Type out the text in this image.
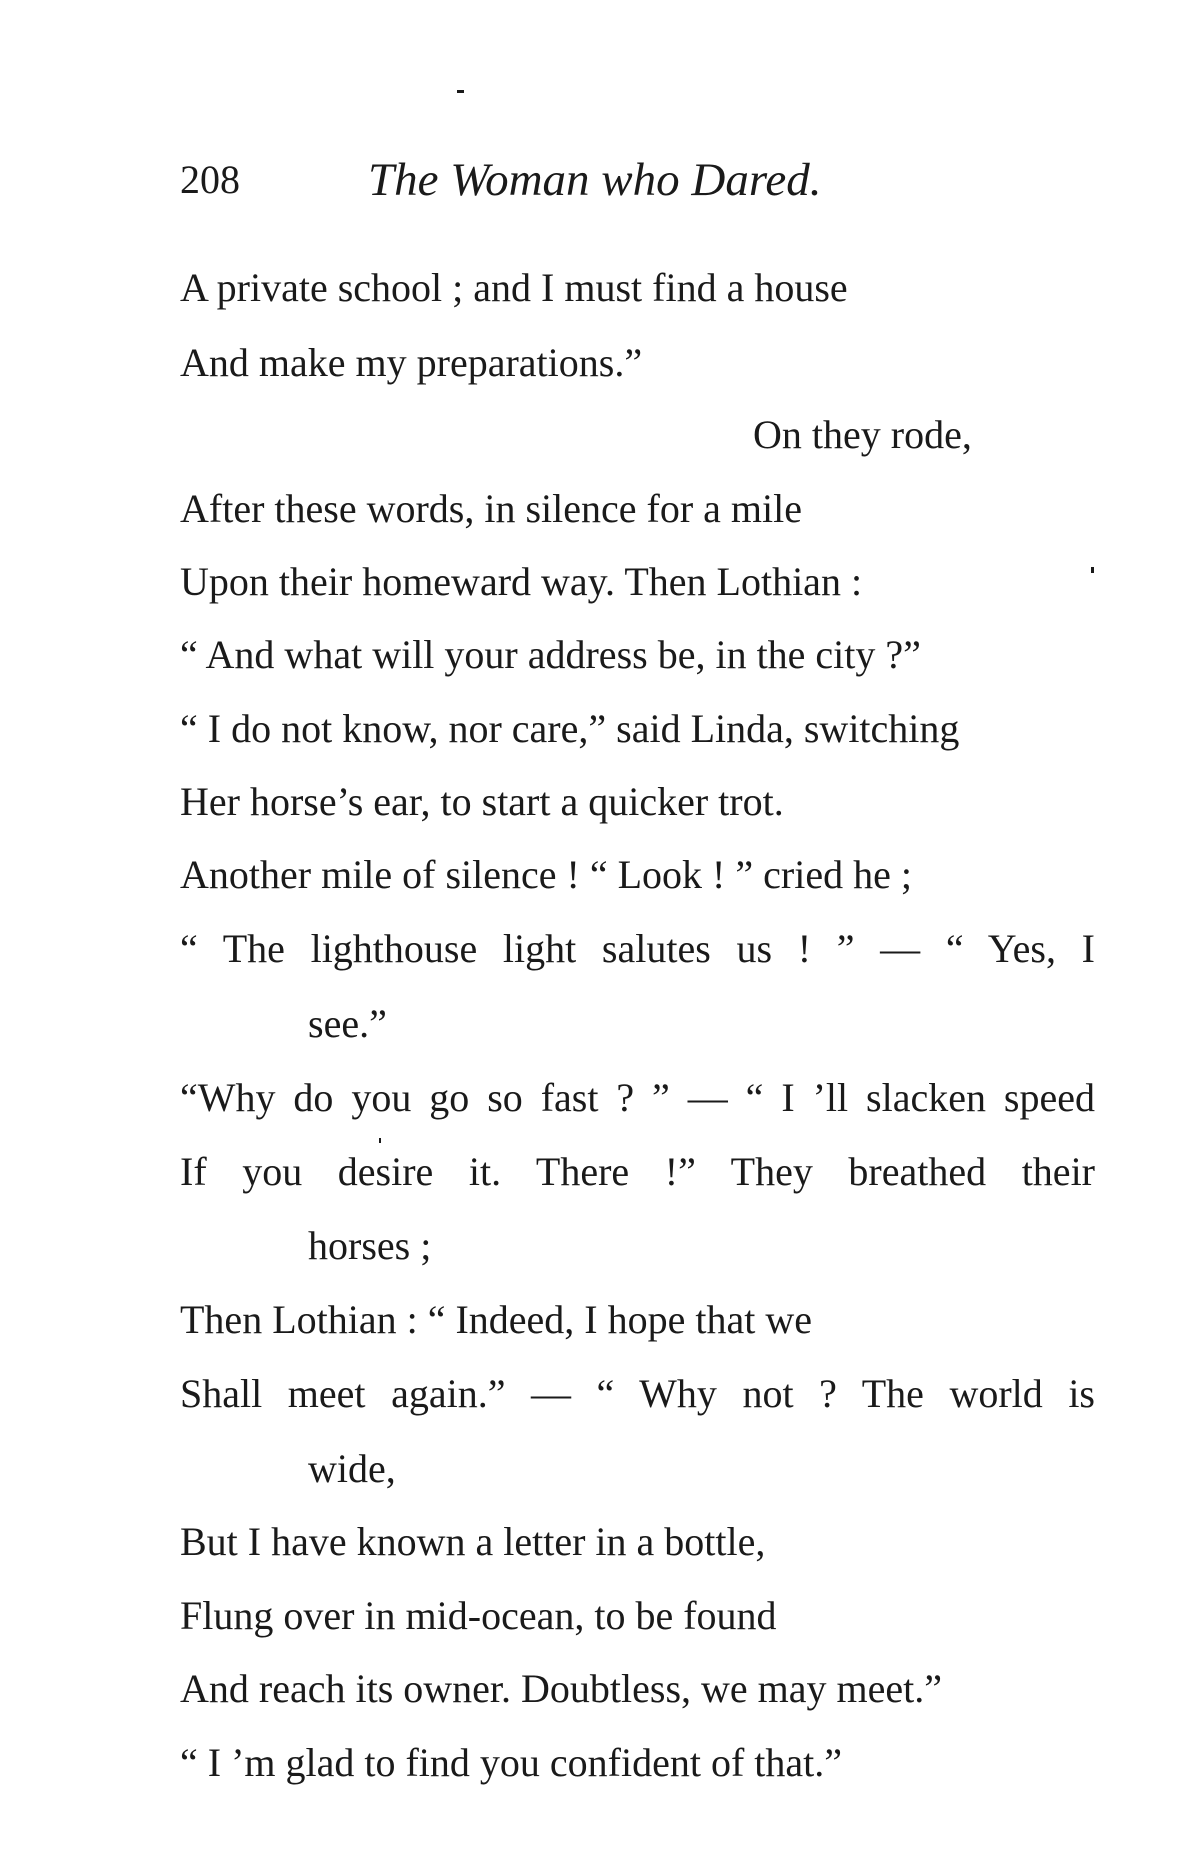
208	The Woman who Dared.
A private school ; and I must find a house
And make my preparations.”
On they rode,
After these words, in silence for a mile
Upon their homeward way. Then Lothian :
“ And what will your address be, in the city ?”
“ I do not know, nor care,” said Linda, switching
Her horse’s ear, to start a quicker trot.
Another mile of silence ! “ Look ! ” cried he ;
“ The lighthouse light salutes us ! ” — “ Yes, I
see.”
“Why do you go so fast ? ” — “ I ’ll slacken speed
If you desire it. There !” They breathed their
horses ;
Then Lothian : “ Indeed, I hope that we
Shall meet again.” — “ Why not ? The world is
wide,
But I have known a letter in a bottle,
Flung over in mid-ocean, to be found
And reach its owner. Doubtless, we may meet.”
“ I ’m glad to find you confident of that.”
